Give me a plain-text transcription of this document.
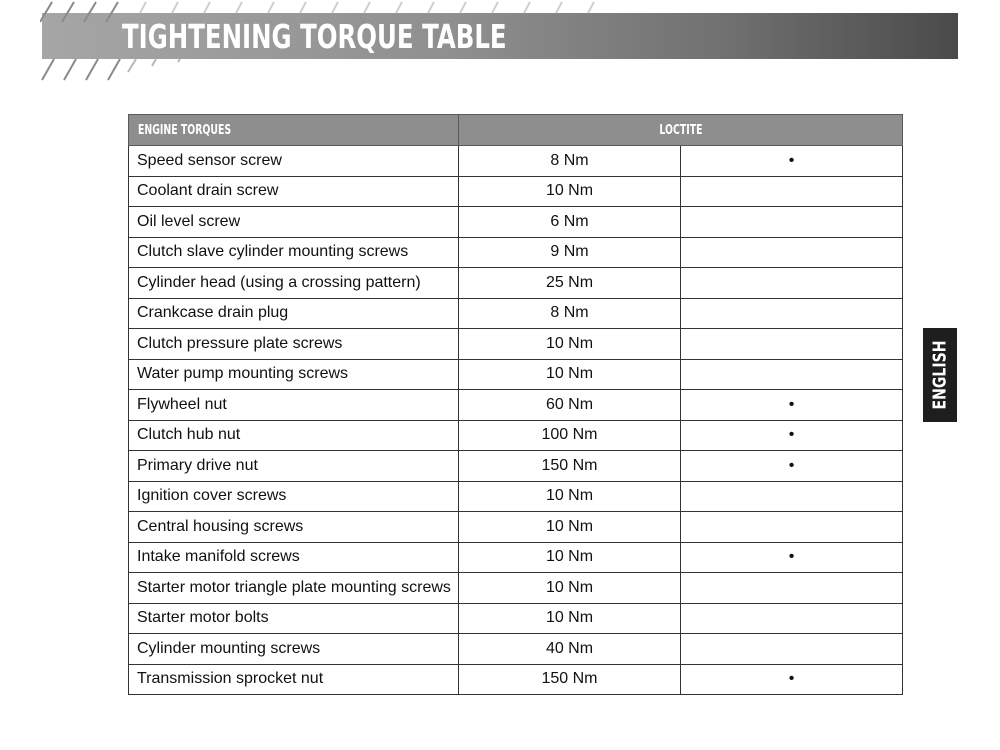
TIGHTENING TORQUE TABLE
ENGINE TORQUES	LOCTITE	
Speed sensor screw	8 Nm	•
Coolant drain screw	10 Nm	
Oil level screw	6 Nm	
Clutch slave cylinder mounting screws	9 Nm	
Cylinder head (using a crossing pattern)	25 Nm	
Crankcase drain plug	8 Nm	
Clutch pressure plate screws	10 Nm	
Water pump mounting screws	10 Nm	
Flywheel nut	60 Nm	•
Clutch hub nut	100 Nm	•
Primary drive nut	150 Nm	•
Ignition cover screws	10 Nm	
Central housing screws	10 Nm	
Intake manifold screws	10 Nm	•
Starter motor triangle plate mounting screws	10 Nm	
Starter motor bolts	10 Nm	
Cylinder mounting screws	40 Nm	
Transmission sprocket nut	150 Nm	•
ENGLISH
